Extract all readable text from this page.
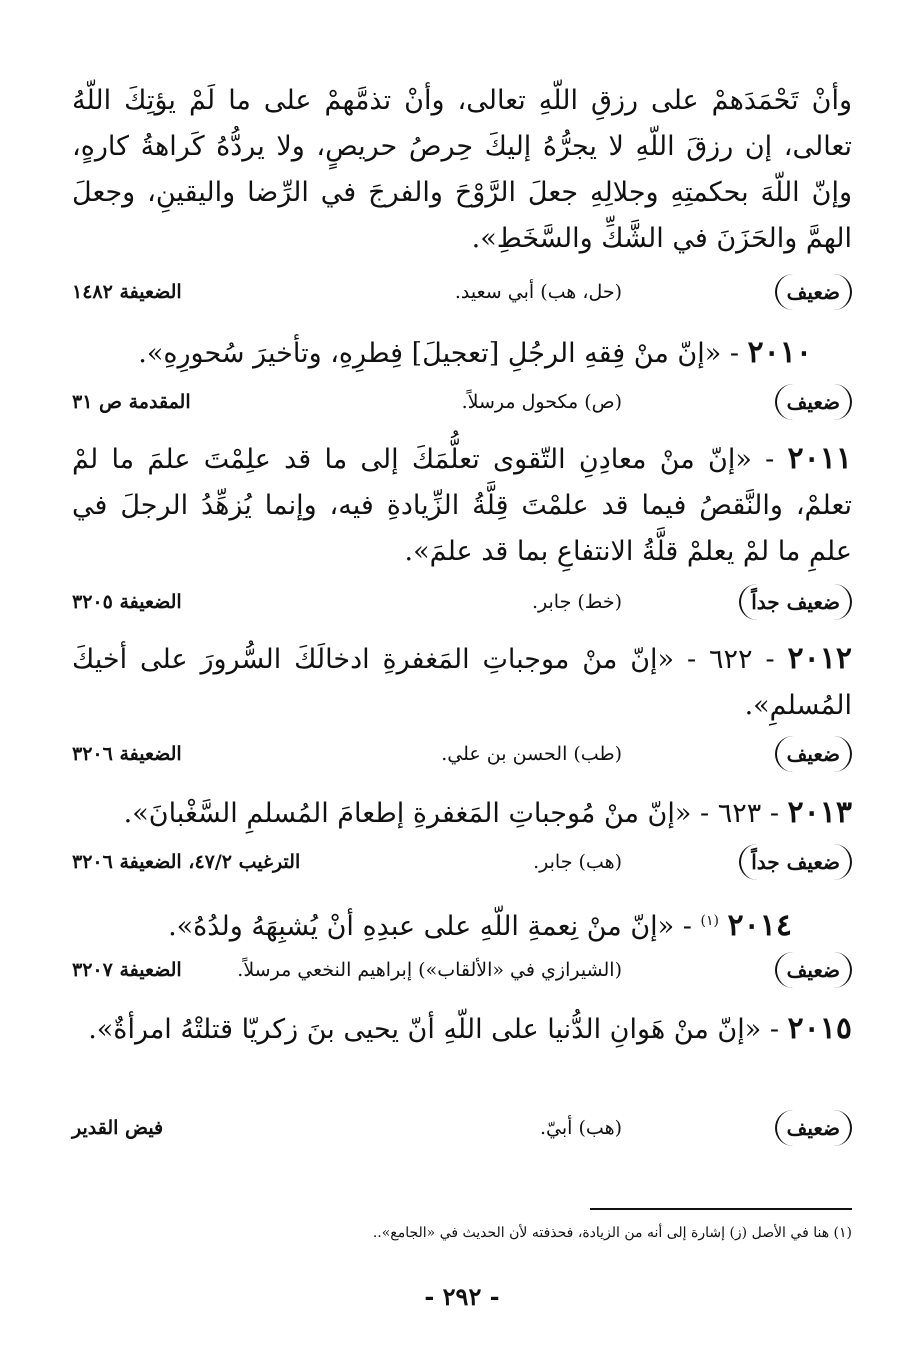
وأنْ تَحْمَدَهمْ على رزقِ اللّهِ تعالى، وأنْ تذمَّهمْ على ما لَمْ يؤتِكَ اللّهُ تعالى، إن رزقَ اللّهِ لا يجرُّهُ إليكَ حِرصُ حريصٍ، ولا يردُّهُ كَراهةُ كارهٍ، وإنّ اللّهَ بحكمتِهِ وجلالِهِ جعلَ الرَّوْحَ والفرجَ في الرِّضا واليقينِ، وجعلَ الهمَّ والحَزَنَ في الشَّكِّ والسَّخَطِ».

ضعيف
(حل، هب) أبي سعيد.
الضعيفة ١٤٨٢

٢٠١٠ - «إنّ منْ فِقهِ الرجُلِ [تعجيلَ] فِطرِهِ، وتأخيرَ سُحورِهِ».

ضعيف
(ص) مكحول مرسلاً.
المقدمة ص ٣١

٢٠١١ - «إنّ منْ معادِنِ التّقوى تعلُّمَكَ إلى ما قد علِمْتَ علمَ ما لمْ تعلمْ، والنَّقصُ فيما قد علمْتَ قِلَّةُ الزِّيادةِ فيه، وإنما يُزهِّدُ الرجلَ في علمِ ما لمْ يعلمْ قلَّةُ الانتفاعِ بما قد علمَ».

ضعيف جداً
(خط) جابر.
الضعيفة ٣٢٠٥

٢٠١٢ - ٦٢٢ - «إنّ منْ موجباتِ المَغفرةِ ادخالَكَ السُّرورَ على أخيكَ المُسلمِ».

ضعيف
(طب) الحسن بن علي.
الضعيفة ٣٢٠٦

٢٠١٣ - ٦٢٣ - «إنّ منْ مُوجباتِ المَغفرةِ إطعامَ المُسلمِ السَّغْبانَ».

ضعيف جداً
(هب) جابر.
الترغيب ٤٧/٢، الضعيفة ٣٢٠٦

٢٠١٤ $^{(١)}$ - «إنّ منْ نِعمةِ اللّهِ على عبدِهِ أنْ يُشبِهَهُ ولدُهُ».

ضعيف
(الشيرازي في «الألقاب») إبراهيم النخعي مرسلاً.
الضعيفة ٣٢٠٧

٢٠١٥ - «إنّ منْ هَوانِ الدُّنيا على اللّهِ أنّ يحيى بنَ زكريّا قتلتْهُ امرأةٌ».

ضعيف
(هب) أبيّ.
فيض القدير
(١) هنا في الأصل (ز) إشارة إلى أنه من الزيادة، فحذفته لأن الحديث في «الجامع»..
- ٢٩٢ -
